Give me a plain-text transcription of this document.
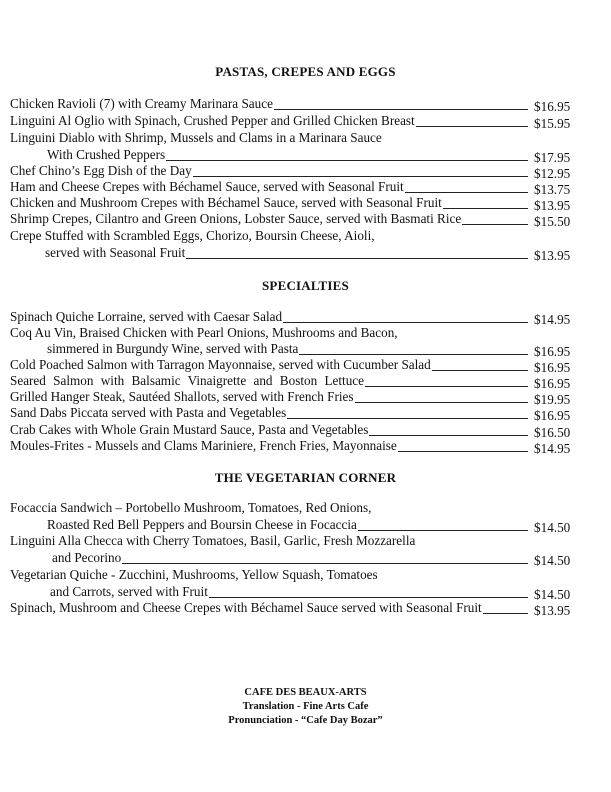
PASTAS, CREPES AND EGGS
Chicken Ravioli (7) with Creamy Marinara Sauce	$16.95
Linguini Al Oglio with Spinach, Crushed Pepper and Grilled Chicken Breast	$15.95
Linguini Diablo with Shrimp, Mussels and Clams in a Marinara Sauce
With Crushed Peppers	$17.95
Chef Chino’s Egg Dish of the Day	$12.95
Ham and Cheese Crepes with Béchamel Sauce, served with Seasonal Fruit	$13.75
Chicken and Mushroom Crepes with Béchamel Sauce, served with Seasonal Fruit	$13.95
Shrimp Crepes, Cilantro and Green Onions, Lobster Sauce, served with Basmati Rice	$15.50
Crepe Stuffed with Scrambled Eggs, Chorizo, Boursin Cheese, Aioli,
served with Seasonal Fruit	$13.95
SPECIALTIES
Spinach Quiche Lorraine, served with Caesar Salad	$14.95
Coq Au Vin, Braised Chicken with Pearl Onions, Mushrooms and Bacon,
simmered in Burgundy Wine, served with Pasta	$16.95
Cold Poached Salmon with Tarragon Mayonnaise, served with Cucumber Salad	$16.95
Seared Salmon with Balsamic Vinaigrette and Boston Lettuce	$16.95
Grilled Hanger Steak, Sautéed Shallots, served with French Fries	$19.95
Sand Dabs Piccata served with Pasta and Vegetables	$16.95
Crab Cakes with Whole Grain Mustard Sauce, Pasta and Vegetables	$16.50
Moules-Frites - Mussels and Clams Mariniere, French Fries, Mayonnaise	$14.95
THE VEGETARIAN CORNER
Focaccia Sandwich – Portobello Mushroom, Tomatoes, Red Onions,
Roasted Red Bell Peppers and Boursin Cheese in Focaccia	$14.50
Linguini Alla Checca with Cherry Tomatoes, Basil, Garlic, Fresh Mozzarella
and Pecorino	$14.50
Vegetarian Quiche - Zucchini, Mushrooms, Yellow Squash, Tomatoes
and Carrots, served with Fruit	$14.50
Spinach, Mushroom and Cheese Crepes with Béchamel Sauce served with Seasonal Fruit	$13.95
CAFE DES BEAUX-ARTS
Translation - Fine Arts Cafe
Pronunciation - “Cafe Day Bozar”
